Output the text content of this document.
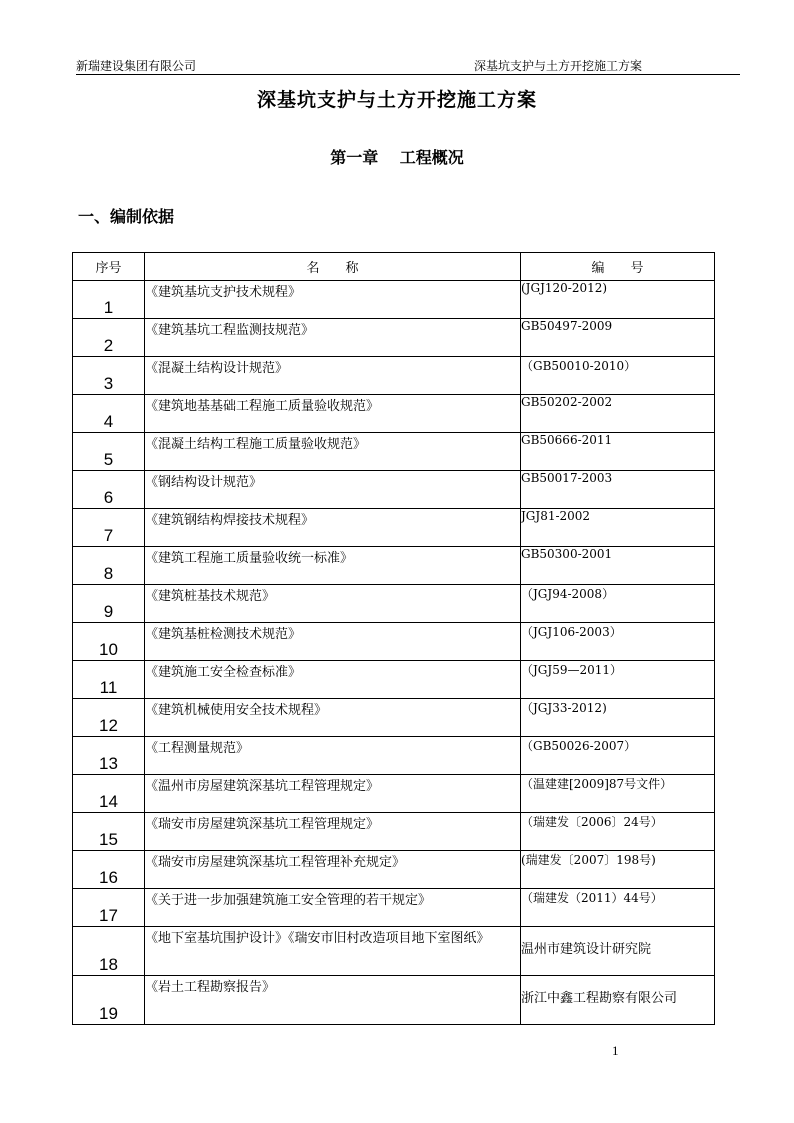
新瑞建设集团有限公司	深基坑支护与土方开挖施工方案
深基坑支护与土方开挖施工方案
第一章　 工程概况
一、编制依据
序号	名　　称	编　　号
1	《建筑基坑支护技术规程》	(JGJ120-2012)
2	《建筑基坑工程监测技规范》	GB50497-2009
3	《混凝土结构设计规范》	（GB50010-2010）
4	《建筑地基基础工程施工质量验收规范》	GB50202-2002
5	《混凝土结构工程施工质量验收规范》	GB50666-2011
6	《钢结构设计规范》	GB50017-2003
7	《建筑钢结构焊接技术规程》	JGJ81-2002
8	《建筑工程施工质量验收统一标准》	GB50300-2001
9	《建筑桩基技术规范》	（JGJ94-2008）
10	《建筑基桩检测技术规范》	（JGJ106-2003）
11	《建筑施工安全检查标准》	（JGJ59—2011）
12	《建筑机械使用安全技术规程》	（JGJ33-2012)
13	《工程测量规范》	（GB50026-2007）
14	《温州市房屋建筑深基坑工程管理规定》	（温建建[2009]87号文件）
15	《瑞安市房屋建筑深基坑工程管理规定》	（瑞建发〔2006〕24号）
16	《瑞安市房屋建筑深基坑工程管理补充规定》	(瑞建发〔2007〕198号)
17	《关于进一步加强建筑施工安全管理的若干规定》	（瑞建发（2011）44号）
18	《地下室基坑围护设计》《瑞安市旧村改造项目地下室图纸》	温州市建筑设计研究院
19	《岩土工程勘察报告》	浙江中鑫工程勘察有限公司
1
